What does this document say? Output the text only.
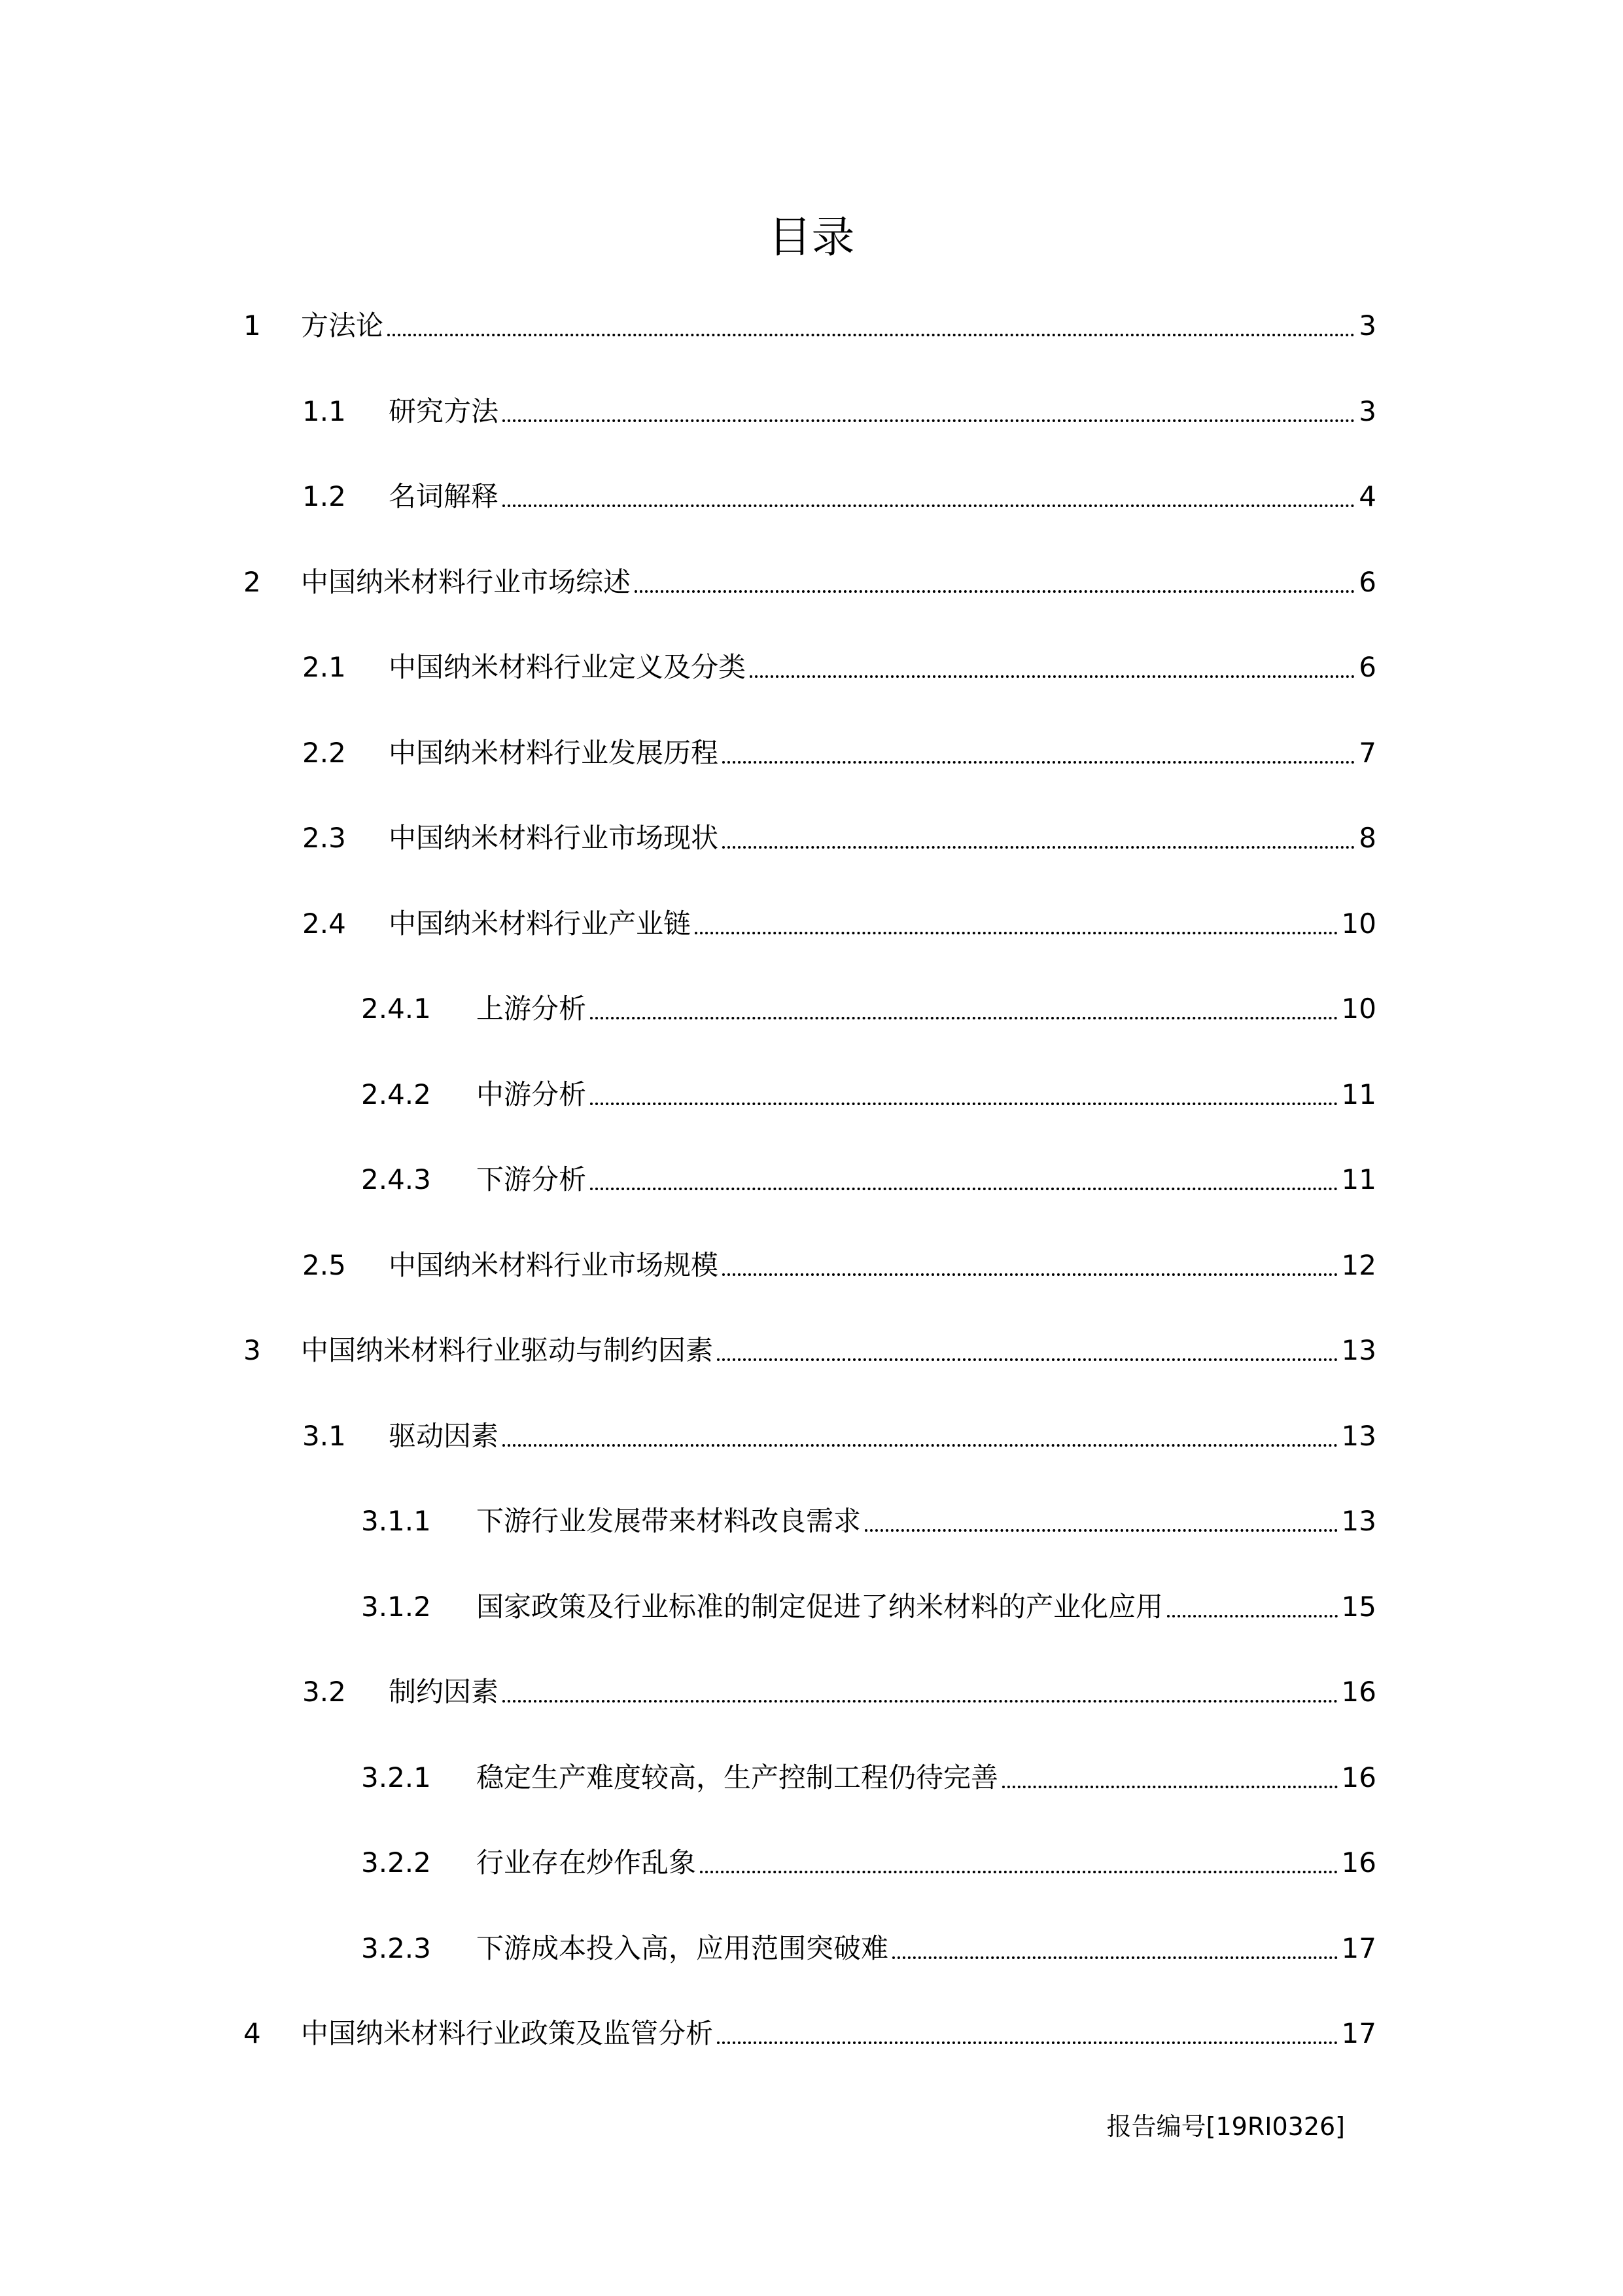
目录
1	方法论	3
1.1	研究方法	3
1.2	名词解释	4
2	中国纳米材料行业市场综述	6
2.1	中国纳米材料行业定义及分类	6
2.2	中国纳米材料行业发展历程	7
2.3	中国纳米材料行业市场现状	8
2.4	中国纳米材料行业产业链	10
2.4.1	上游分析	10
2.4.2	中游分析	11
2.4.3	下游分析	11
2.5	中国纳米材料行业市场规模	12
3	中国纳米材料行业驱动与制约因素	13
3.1	驱动因素	13
3.1.1	下游行业发展带来材料改良需求	13
3.1.2	国家政策及行业标准的制定促进了纳米材料的产业化应用	15
3.2	制约因素	16
3.2.1	稳定生产难度较高，生产控制工程仍待完善	16
3.2.2	行业存在炒作乱象	16
3.2.3	下游成本投入高，应用范围突破难	17
4	中国纳米材料行业政策及监管分析	17
报告编号[19RI0326]
